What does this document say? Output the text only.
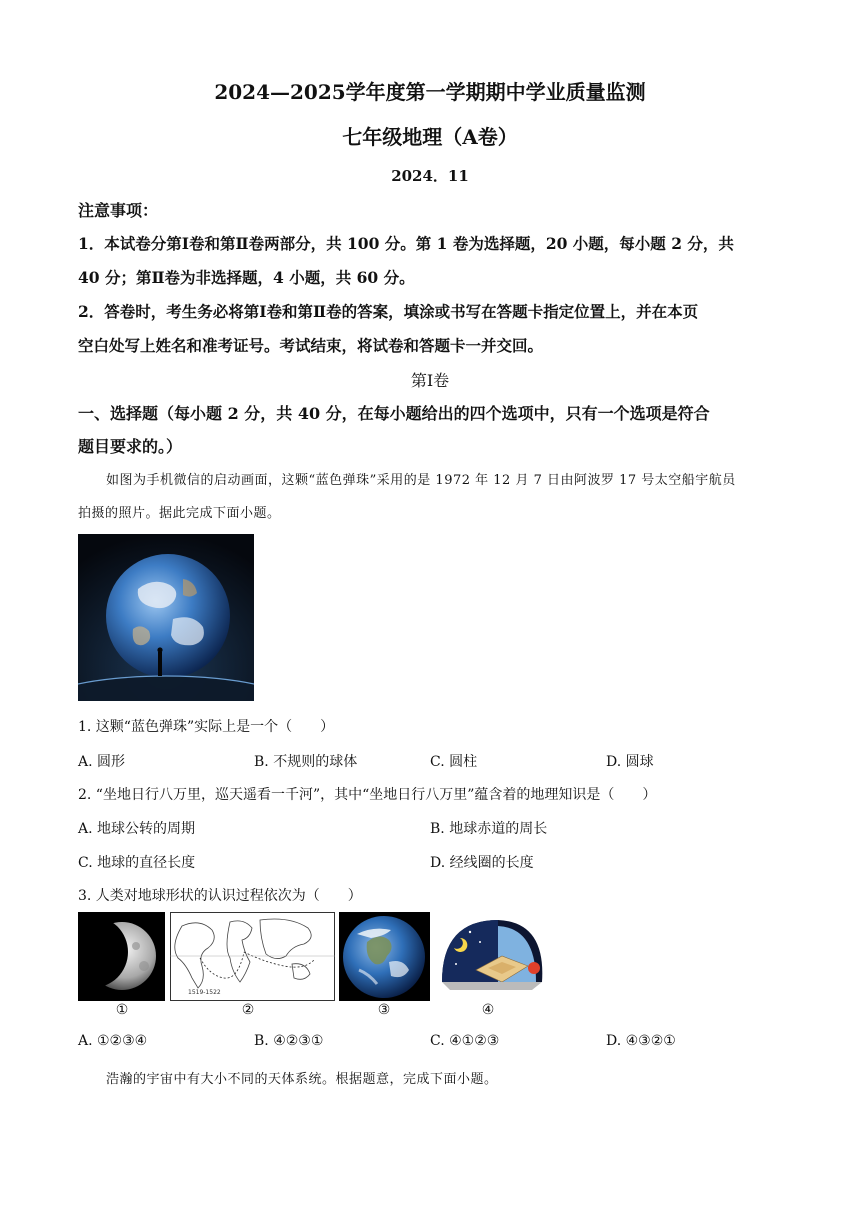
2024—2025学年度第一学期期中学业质量监测
七年级地理（A卷）
2024．11
注意事项：
1．本试卷分第Ⅰ卷和第Ⅱ卷两部分，共 100 分。第 1 卷为选择题，20 小题，每小题 2 分，共
40 分；第Ⅱ卷为非选择题，4 小题，共 60 分。
2．答卷时，考生务必将第Ⅰ卷和第Ⅱ卷的答案，填涂或书写在答题卡指定位置上，并在本页
空白处写上姓名和准考证号。考试结束，将试卷和答题卡一并交回。
第Ⅰ卷
一、选择题（每小题 2 分，共 40 分，在每小题给出的四个选项中，只有一个选项是符合
题目要求的。）
如图为手机微信的启动画面，这颗“蓝色弹珠”采用的是 1972 年 12 月 7 日由阿波罗 17 号太空船宇航员
拍摄的照片。据此完成下面小题。
1. 这颗“蓝色弹珠”实际上是一个（　　）
A. 圆形	B. 不规则的球体	C. 圆柱	D. 圆球
2. “坐地日行八万里，巡天遥看一千河”，其中“坐地日行八万里”蕴含着的地理知识是（　　）
A. 地球公转的周期	B. 地球赤道的周长
C. 地球的直径长度	D. 经线圈的长度
3. 人类对地球形状的认识过程依次为（　　）
①
1519-1522
②	③	④
A. ①②③④	B. ④②③①	C. ④①②③	D. ④③②①
浩瀚的宇宙中有大小不同的天体系统。根据题意，完成下面小题。
